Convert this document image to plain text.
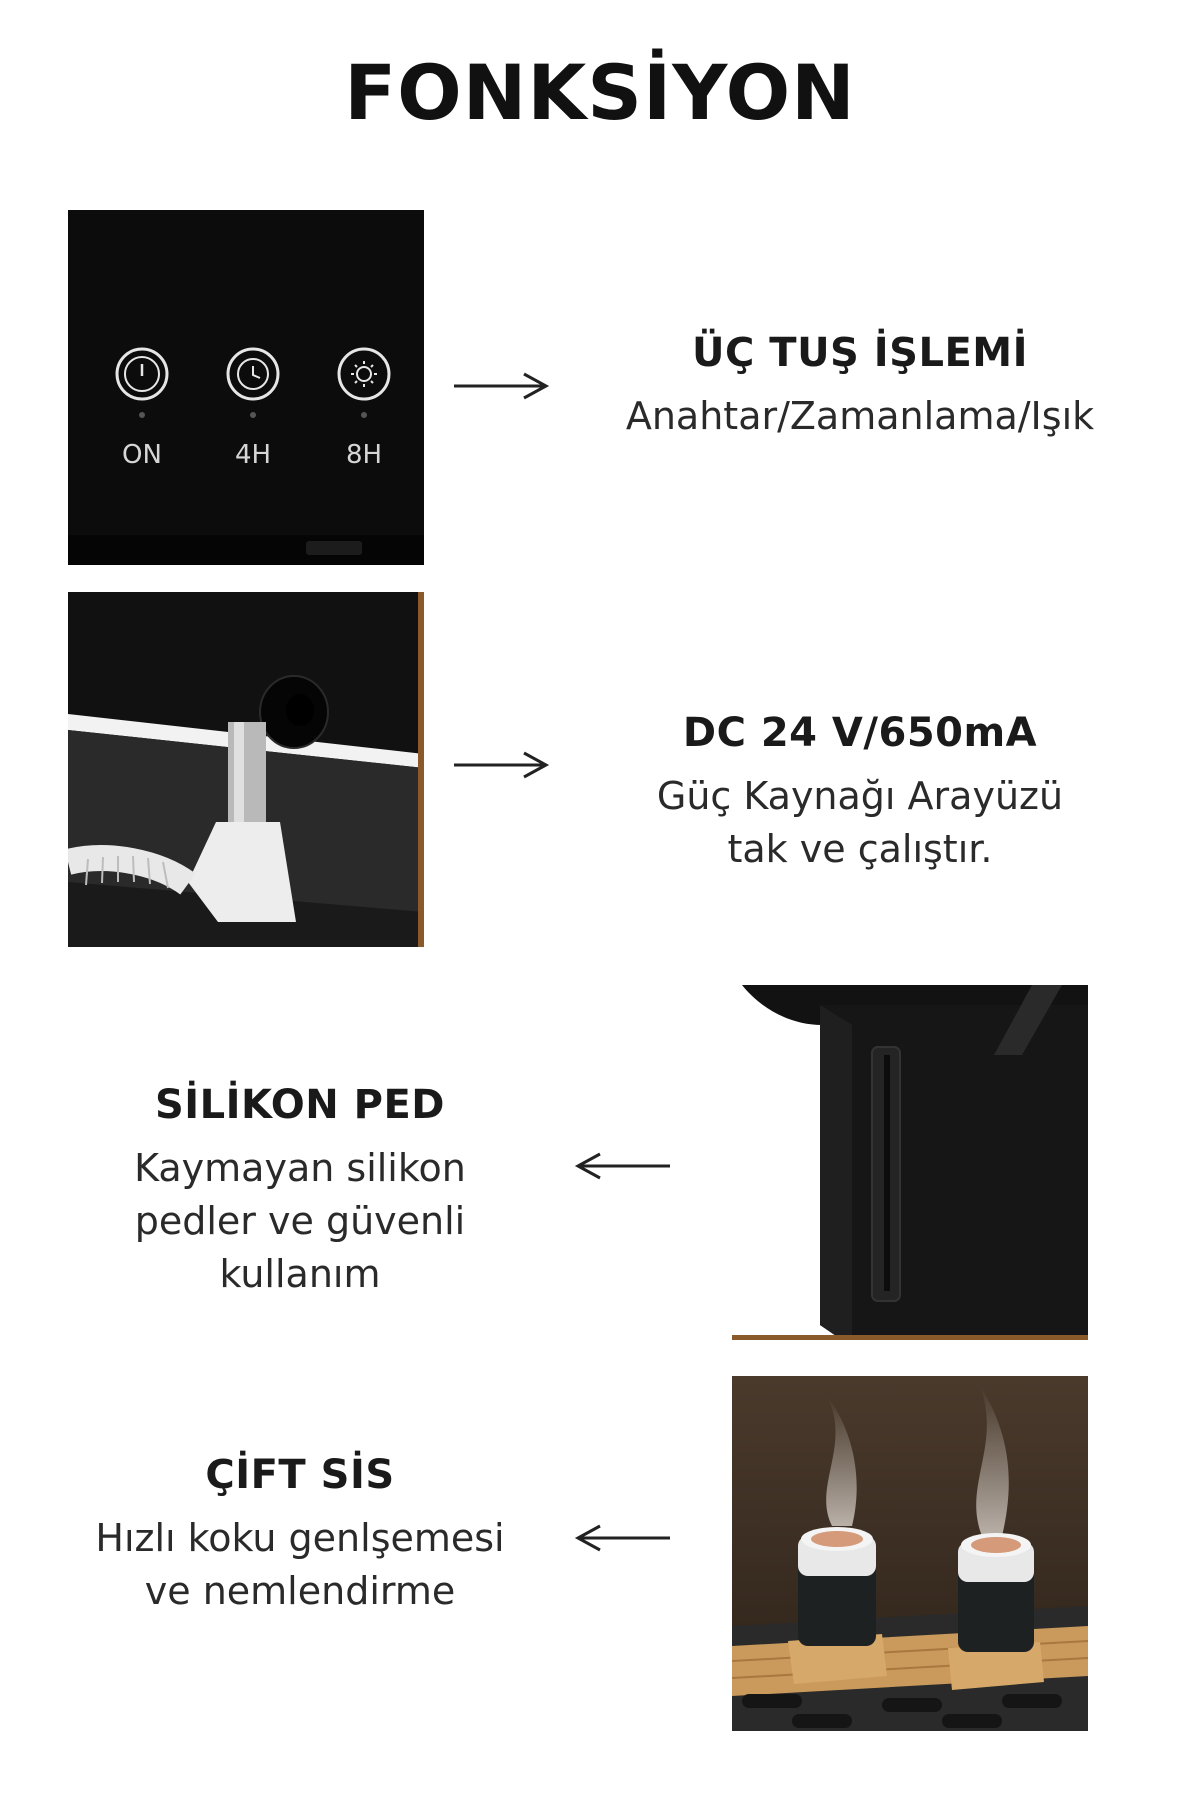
FONKSİYON
ON	4H	8H
ÜÇ TUŞ İŞLEMİ
Anahtar/Zamanlama/Işık
DC 24 V/650mA
Güç Kaynağı Arayüzü
tak ve çalıştır.
SİLİKON PED
Kaymayan silikon
pedler ve güvenli
kullanım
ÇİFT SİS
Hızlı koku genlşemesi
ve nemlendirme
